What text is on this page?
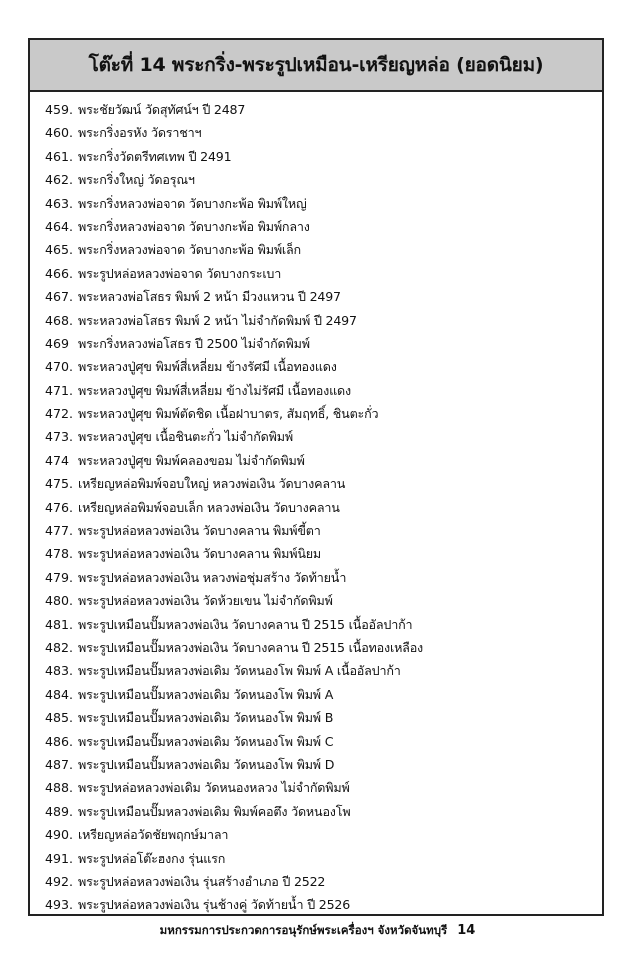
โต๊ะที่ 14 พระกริ่ง-พระรูปเหมือน-เหรียญหล่อ (ยอดนิยม)
459. พระชัยวัฒน์ วัดสุทัศน์ฯ ปี 2487
460. พระกริ่งอรหัง วัดราชาฯ
461. พระกริ่งวัดตรีทศเทพ ปี 2491
462. พระกริ่งใหญ่ วัดอรุณฯ
463. พระกริ่งหลวงพ่อจาด วัดบางกะพ้อ พิมพ์ใหญ่
464. พระกริ่งหลวงพ่อจาด วัดบางกะพ้อ พิมพ์กลาง
465. พระกริ่งหลวงพ่อจาด วัดบางกะพ้อ พิมพ์เล็ก
466. พระรูปหล่อหลวงพ่อจาด วัดบางกระเบา
467. พระหลวงพ่อโสธร พิมพ์ 2 หน้า มีวงแหวน ปี 2497
468. พระหลวงพ่อโสธร พิมพ์ 2 หน้า ไม่จำกัดพิมพ์ ปี 2497
469 พระกริ่งหลวงพ่อโสธร ปี 2500 ไม่จำกัดพิมพ์
470. พระหลวงปู่ศุข พิมพ์สี่เหลี่ยม ข้างรัศมี เนื้อทองแดง
471. พระหลวงปู่ศุข พิมพ์สี่เหลี่ยม ข้างไม่รัศมี เนื้อทองแดง
472. พระหลวงปู่ศุข พิมพ์ตัดชิด เนื้อฝาบาตร, สัมฤทธิ์, ชินตะกั่ว
473. พระหลวงปู่ศุข เนื้อชินตะกั่ว ไม่จำกัดพิมพ์
474 พระหลวงปู่ศุข พิมพ์คลองขอม ไม่จำกัดพิมพ์
475. เหรียญหล่อพิมพ์จอบใหญ่ หลวงพ่อเงิน วัดบางคลาน
476. เหรียญหล่อพิมพ์จอบเล็ก หลวงพ่อเงิน วัดบางคลาน
477. พระรูปหล่อหลวงพ่อเงิน วัดบางคลาน พิมพ์ขี้ตา
478. พระรูปหล่อหลวงพ่อเงิน วัดบางคลาน พิมพ์นิยม
479. พระรูปหล่อหลวงพ่อเงิน หลวงพ่อชุ่มสร้าง วัดท้ายน้ำ
480. พระรูปหล่อหลวงพ่อเงิน วัดห้วยเขน ไม่จำกัดพิมพ์
481. พระรูปเหมือนปั๊มหลวงพ่อเงิน วัดบางคลาน ปี 2515 เนื้ออัลปาก้า
482. พระรูปเหมือนปั๊มหลวงพ่อเงิน วัดบางคลาน ปี 2515 เนื้อทองเหลือง
483. พระรูปเหมือนปั๊มหลวงพ่อเดิม วัดหนองโพ พิมพ์ A เนื้ออัลปาก้า
484. พระรูปเหมือนปั๊มหลวงพ่อเดิม วัดหนองโพ พิมพ์ A
485. พระรูปเหมือนปั๊มหลวงพ่อเดิม วัดหนองโพ พิมพ์ B
486. พระรูปเหมือนปั๊มหลวงพ่อเดิม วัดหนองโพ พิมพ์ C
487. พระรูปเหมือนปั๊มหลวงพ่อเดิม วัดหนองโพ พิมพ์ D
488. พระรูปหล่อหลวงพ่อเดิม วัดหนองหลวง ไม่จำกัดพิมพ์
489. พระรูปเหมือนปั๊มหลวงพ่อเดิม พิมพ์คอตึง วัดหนองโพ
490. เหรียญหล่อวัดชัยพฤกษ์มาลา
491. พระรูปหล่อโต๊ะฮงกง รุ่นแรก
492. พระรูปหล่อหลวงพ่อเงิน รุ่นสร้างอำเภอ ปี 2522
493. พระรูปหล่อหลวงพ่อเงิน รุ่นช้างคู่ วัดท้ายน้ำ ปี 2526
มหกรรมการประกวดการอนุรักษ์พระเครื่องฯ จังหวัดจันทบุรี 14
